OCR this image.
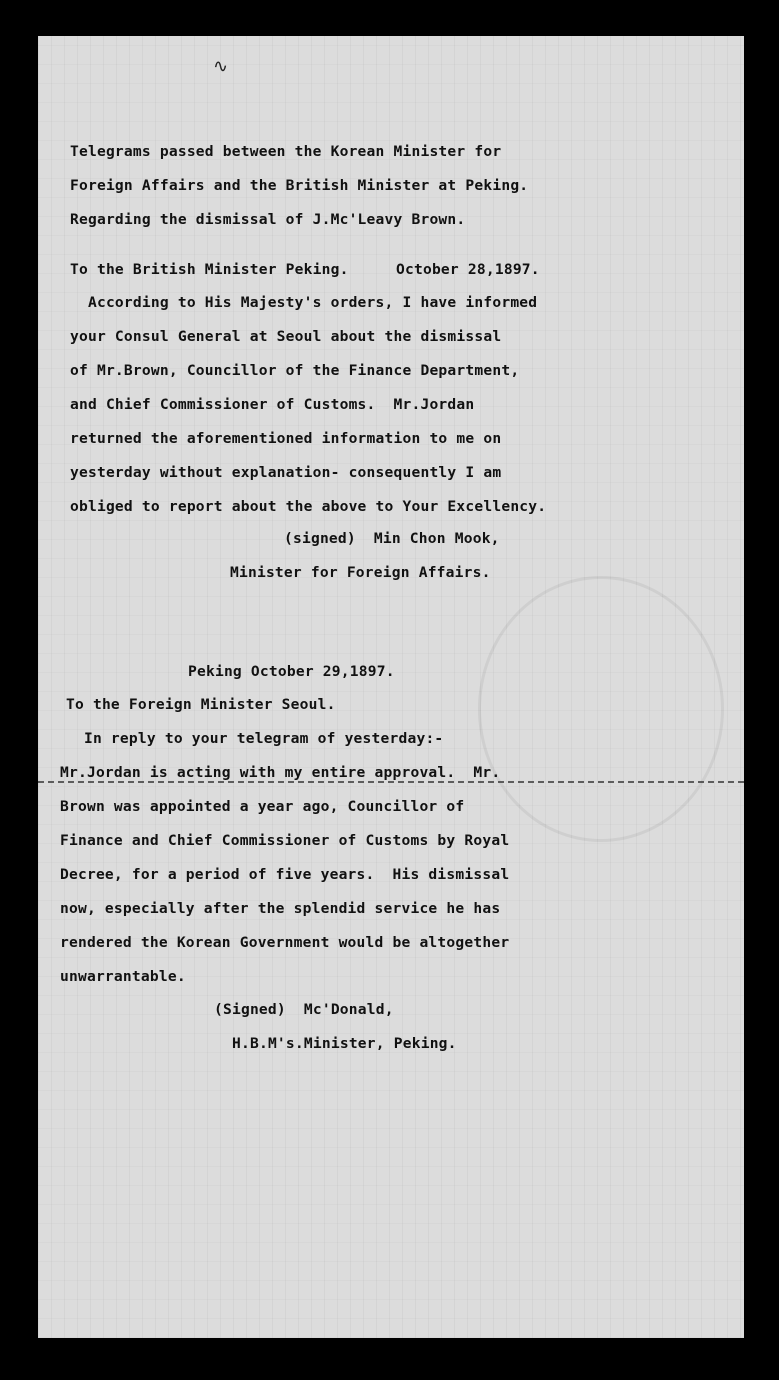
∿
Telegrams passed between the Korean Minister for
Foreign Affairs and the British Minister at Peking.
Regarding the dismissal of J.Mc'Leavy Brown.
To the British Minister Peking.	October 28,1897.
According to His Majesty's orders, I have informed
your Consul General at Seoul about the dismissal
of Mr.Brown, Councillor of the Finance Department,
and Chief Commissioner of Customs.  Mr.Jordan
returned the aforementioned information to me on
yesterday without explanation- consequently I am
obliged to report about the above to Your Excellency.
(signed)  Min Chon Mook,
Minister for Foreign Affairs.
Peking October 29,1897.
To the Foreign Minister Seoul.
In reply to your telegram of yesterday:-
Mr.Jordan is acting with my entire approval.  Mr.
Brown was appointed a year ago, Councillor of
Finance and Chief Commissioner of Customs by Royal
Decree, for a period of five years.  His dismissal
now, especially after the splendid service he has
rendered the Korean Government would be altogether
unwarrantable.
(Signed)  Mc'Donald,
H.B.M's.Minister, Peking.
